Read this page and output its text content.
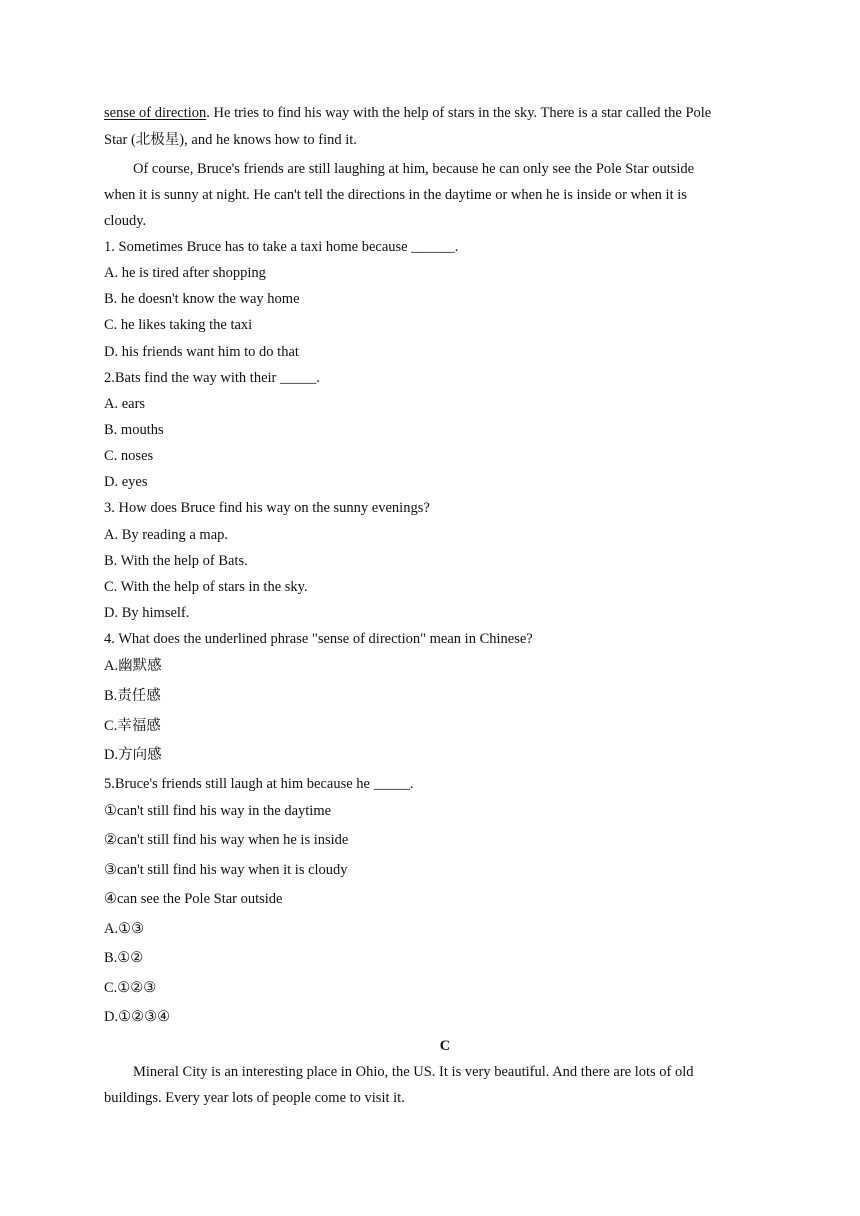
sense of direction. He tries to find his way with the help of stars in the sky. There is a star called the Pole
Star (北极星), and he knows how to find it.
Of course, Bruce's friends are still laughing at him, because he can only see the Pole Star outside
when it is sunny at night. He can't tell the directions in the daytime or when he is inside or when it is
cloudy.
1. Sometimes Bruce has to take a taxi home because ______.
A. he is tired after shopping
B. he doesn't know the way home
C. he likes taking the taxi
D. his friends want him to do that
2.Bats find the way with their _____.
A. ears
B. mouths
C. noses
D. eyes
3. How does Bruce find his way on the sunny evenings?
A. By reading a map.
B. With the help of Bats.
C. With the help of stars in the sky.
D. By himself.
4. What does the underlined phrase "sense of direction" mean in Chinese?
A.幽默感
B.责任感
C.幸福感
D.方向感
5.Bruce's friends still laugh at him because he _____.
①can't still find his way in the daytime
②can't still find his way when he is inside
③can't still find his way when it is cloudy
④can see the Pole Star outside
A.①③
B.①②
C.①②③
D.①②③④
C
Mineral City is an interesting place in Ohio, the US. It is very beautiful. And there are lots of old
buildings. Every year lots of people come to visit it.
